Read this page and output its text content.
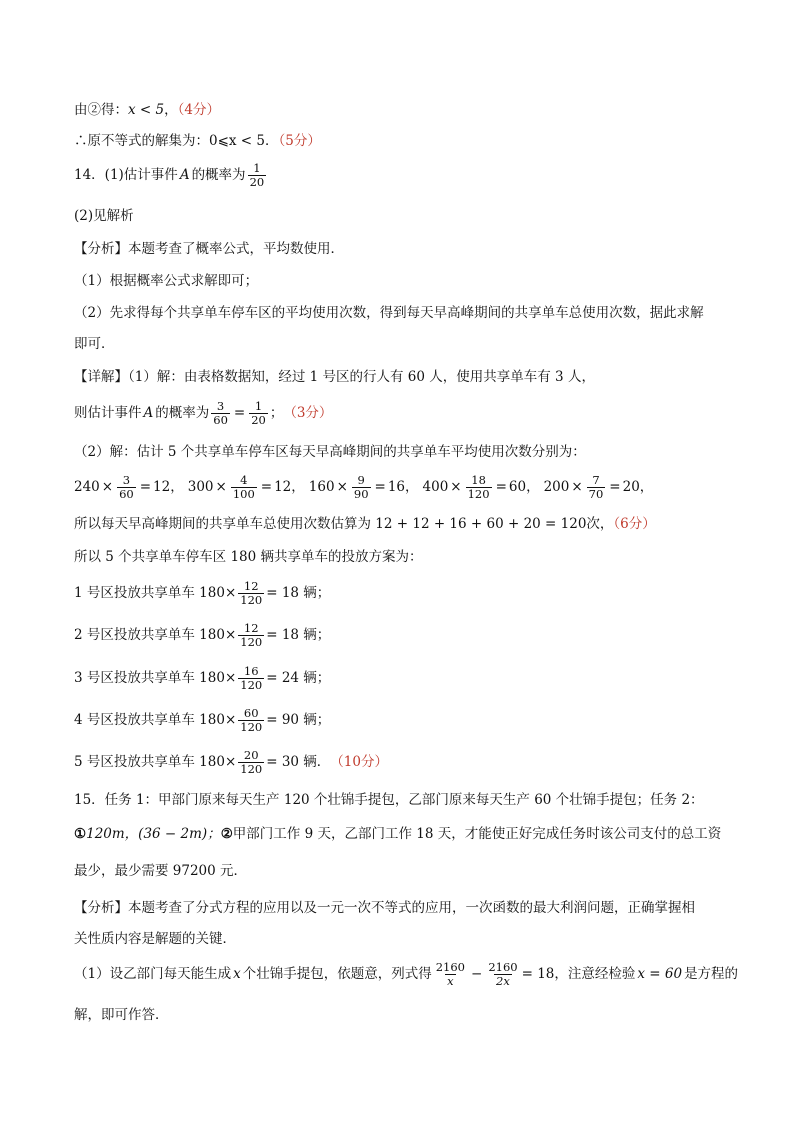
由②得：x < 5，（4分）
∴原不等式的解集为：0⩽x < 5．（5分）
14．(1)估计事件 A 的概率为 $\frac{1}{20}$
(2)见解析
【分析】本题考查了概率公式，平均数使用．
（1）根据概率公式求解即可；
（2）先求得每个共享单车停车区的平均使用次数，得到每天早高峰期间的共享单车总使用次数，据此求解
即可．
【详解】（1）解：由表格数据知，经过 1 号区的行人有 60 人，使用共享单车有 3 人，
则估计事件 A 的概率为 $\frac{3}{60} = \frac{1}{20}$ ； （3分）
（2）解：估计 5 个共享单车停车区每天早高峰期间的共享单车平均使用次数分别为：
$240 \times \frac{3}{60} = 12$ ， $300 \times \frac{4}{100} = 12$ ， $160 \times \frac{9}{90} = 16$ ， $400 \times \frac{18}{120} = 60$ ， $200 \times \frac{7}{70} = 20$ ，
所以每天早高峰期间的共享单车总使用次数估算为 12 + 12 + 16 + 60 + 20 = 120次，（6分）
所以 5 个共享单车停车区 180 辆共享单车的投放方案为：
1 号区投放共享单车 $180\times \frac{12}{120} = 18$ 辆；
2 号区投放共享单车 $180\times \frac{12}{120} = 18$ 辆；
3 号区投放共享单车 $180\times \frac{16}{120} = 24$ 辆；
4 号区投放共享单车 $180\times \frac{60}{120} = 90$ 辆；
5 号区投放共享单车 $180\times \frac{20}{120} = 30$ 辆． （10分）
15．任务 1：甲部门原来每天生产 120 个壮锦手提包，乙部门原来每天生产 60 个壮锦手提包；任务 2：
①120m，(36 − 2m)；②甲部门工作 9 天，乙部门工作 18 天，才能使正好完成任务时该公司支付的总工资
最少，最少需要 97200 元．
【分析】本题考查了分式方程的应用以及一元一次不等式的应用，一次函数的最大利润问题，正确掌握相
关性质内容是解题的关键．
（1）设乙部门每天能生成 x 个壮锦手提包，依题意，列式得 $\frac{2160}{x} - \frac{2160}{2x} = 18$，注意经检验 x = 60 是方程的
解，即可作答．
